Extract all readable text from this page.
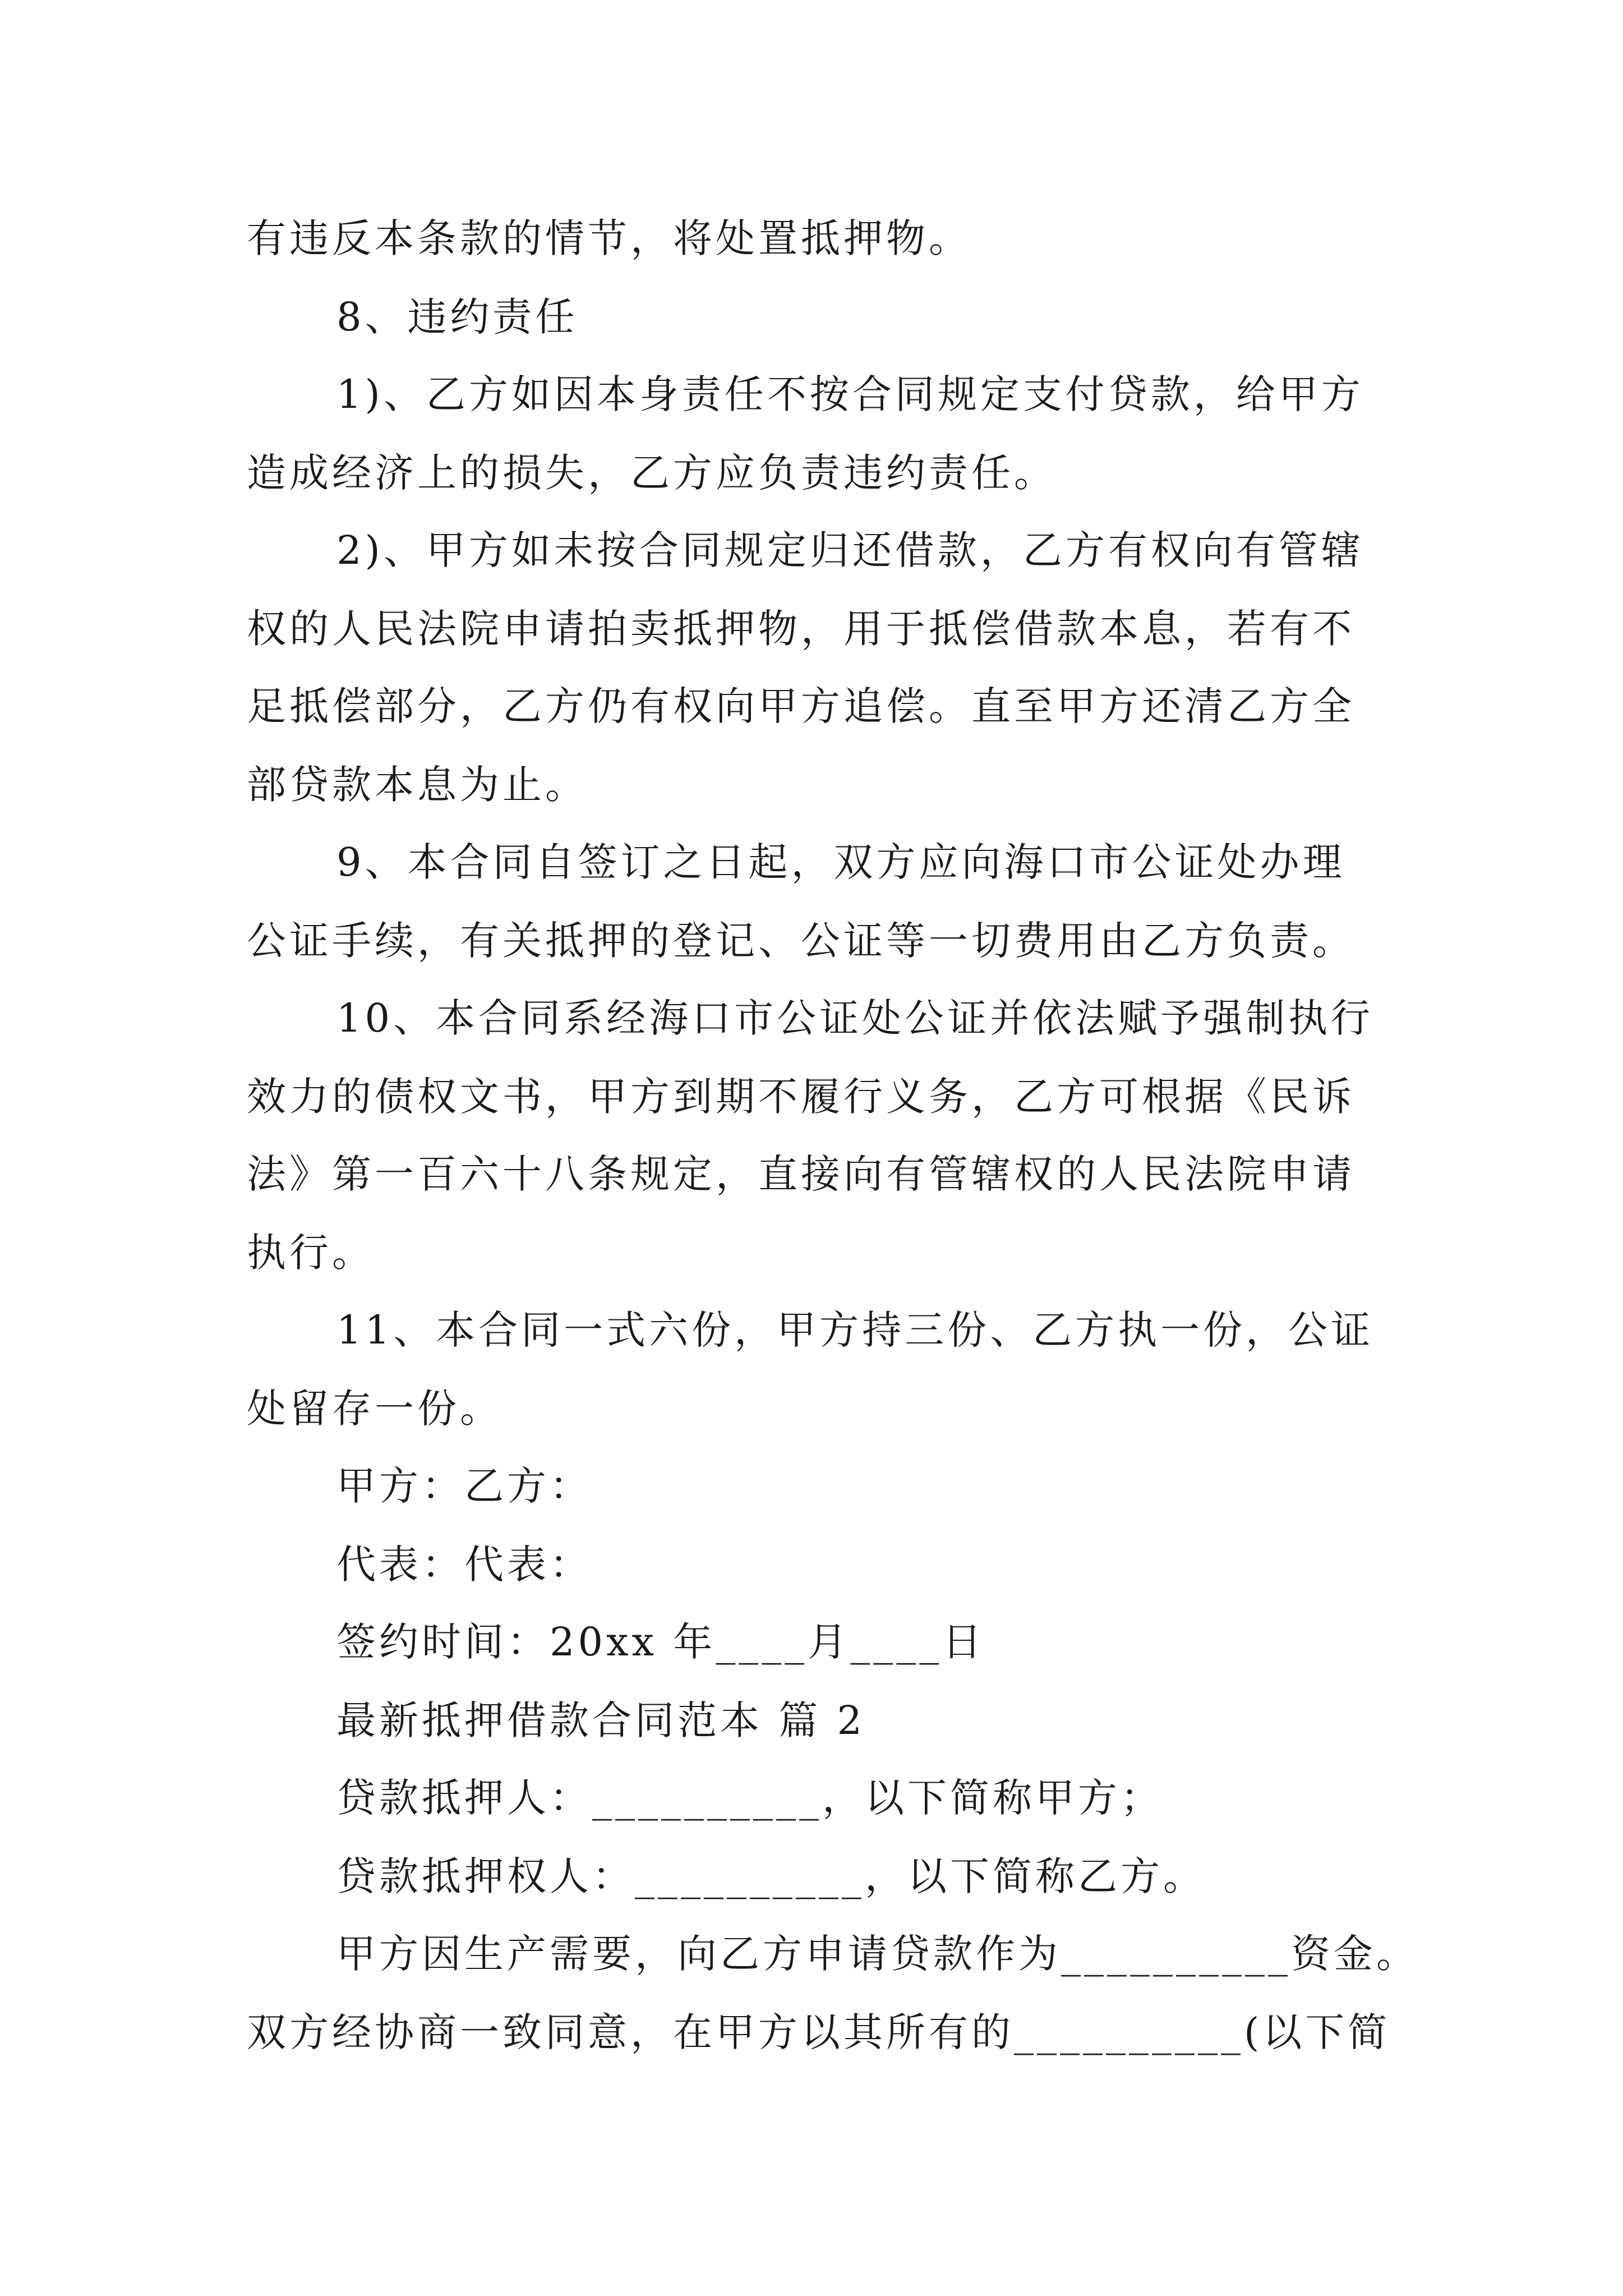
有违反本条款的情节，将处置抵押物。
8、违约责任
1)、乙方如因本身责任不按合同规定支付贷款，给甲方
造成经济上的损失，乙方应负责违约责任。
2)、甲方如未按合同规定归还借款，乙方有权向有管辖
权的人民法院申请拍卖抵押物，用于抵偿借款本息，若有不
足抵偿部分，乙方仍有权向甲方追偿。直至甲方还清乙方全
部贷款本息为止。
9、本合同自签订之日起，双方应向海口市公证处办理
公证手续，有关抵押的登记、公证等一切费用由乙方负责。
10、本合同系经海口市公证处公证并依法赋予强制执行
效力的债权文书，甲方到期不履行义务，乙方可根据《民诉
法》第一百六十八条规定，直接向有管辖权的人民法院申请
执行。
11、本合同一式六份，甲方持三份、乙方执一份，公证
处留存一份。
甲方：乙方：
代表：代表：
签约时间：20xx 年____月____日
最新抵押借款合同范本 篇 2
贷款抵押人：__________，以下简称甲方；
贷款抵押权人：__________，以下简称乙方。
甲方因生产需要，向乙方申请贷款作为__________资金。
双方经协商一致同意，在甲方以其所有的__________(以下简
